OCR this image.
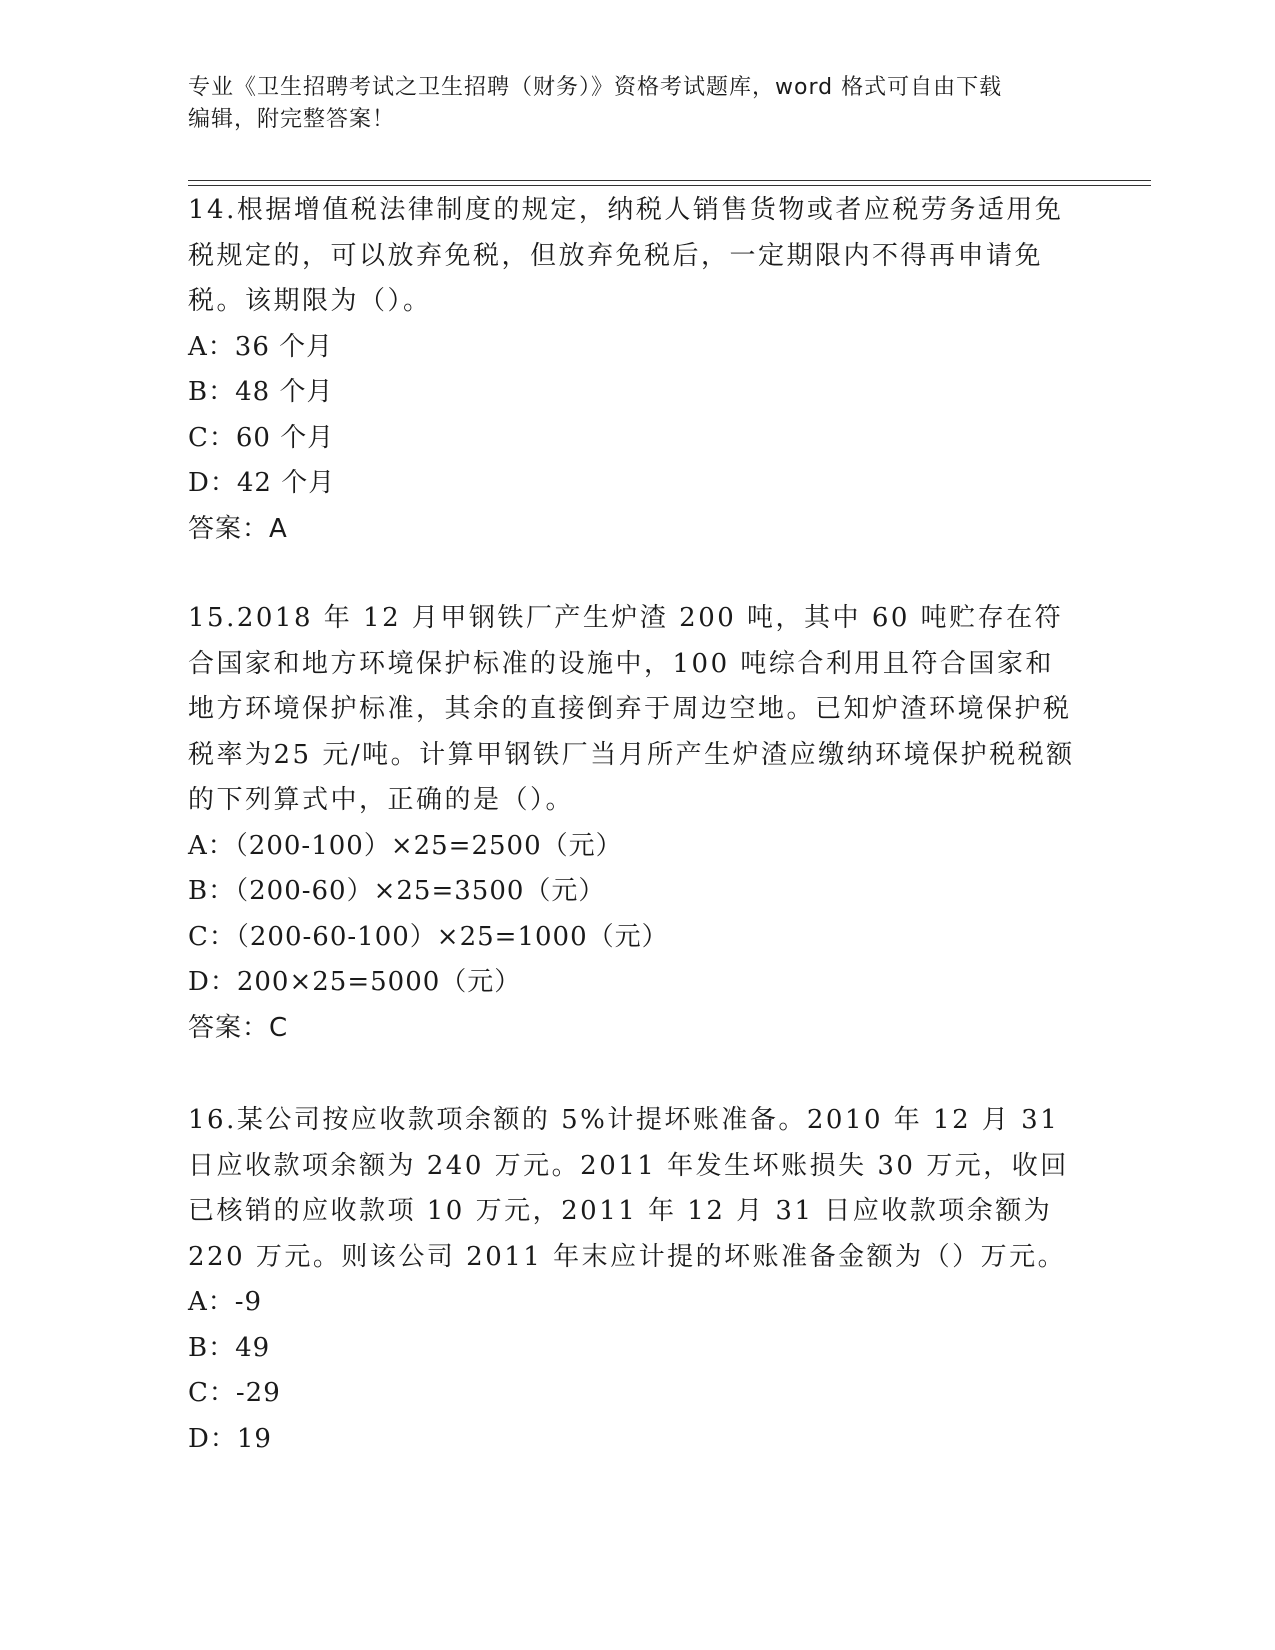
专业《卫生招聘考试之卫生招聘（财务）》资格考试题库，word 格式可自由下载
编辑，附完整答案！

14.根据增值税法律制度的规定，纳税人销售货物或者应税劳务适用免税规定的，可以放弃免税，但放弃免税后，一定期限内不得再申请免税。该期限为（）。

A：36 个月

B：48 个月

C：60 个月

D：42 个月

答案：A

15.2018 年 12 月甲钢铁厂产生炉渣 200 吨，其中 60 吨贮存在符合国家和地方环境保护标准的设施中，100 吨综合利用且符合国家和地方环境保护标准，其余的直接倒弃于周边空地。已知炉渣环境保护税税率为25 元/吨。计算甲钢铁厂当月所产生炉渣应缴纳环境保护税税额的下列算式中，正确的是（）。

A：（200-100）×25=2500（元）

B：（200-60）×25=3500（元）

C：（200-60-100）×25=1000（元）

D：200×25=5000（元）

答案：C

16.某公司按应收款项余额的 5%计提坏账准备。2010 年 12 月 31 日应收款项余额为 240 万元。2011 年发生坏账损失 30 万元，收回已核销的应收款项 10 万元，2011 年 12 月 31 日应收款项余额为 220 万元。则该公司 2011 年末应计提的坏账准备金额为（）万元。

A：-9

B：49

C：-29

D：19
